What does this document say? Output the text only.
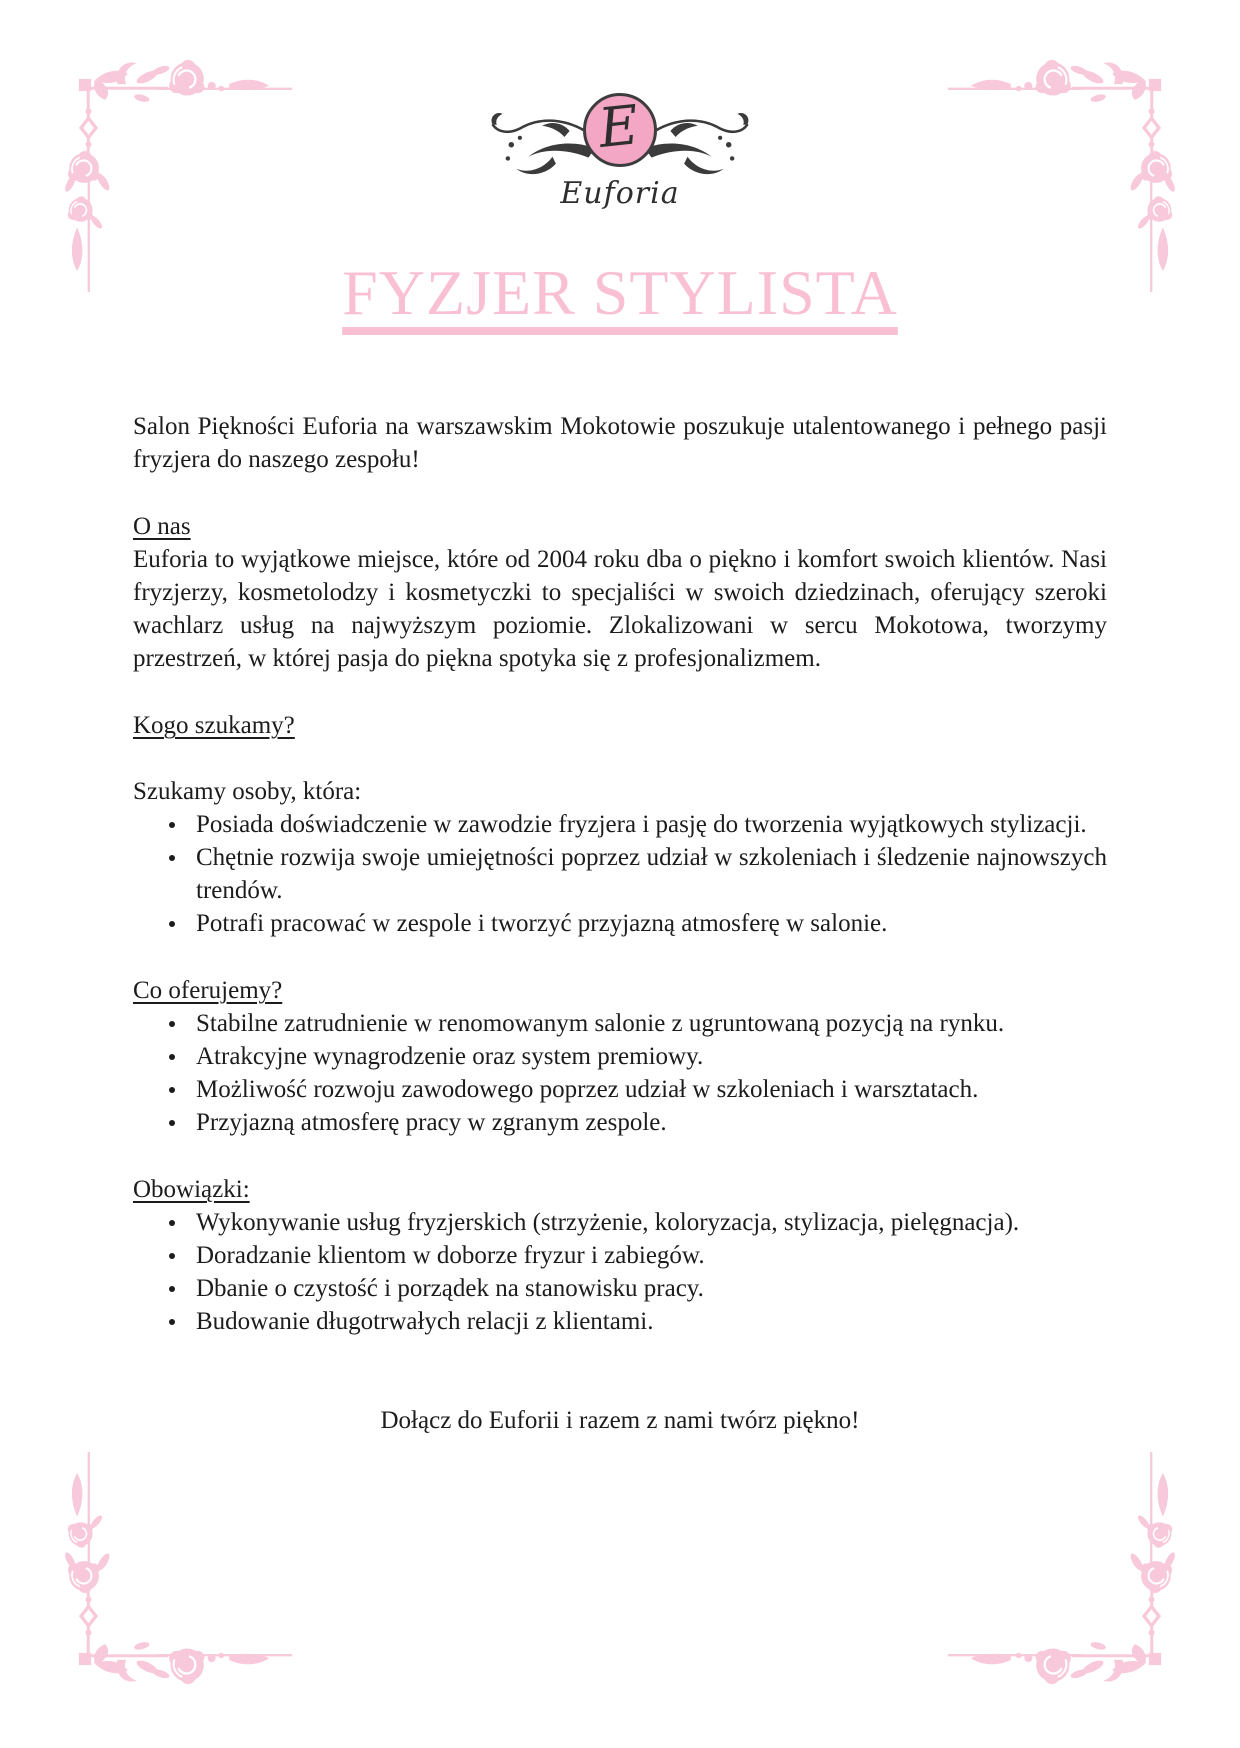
E
Euforia
FYZJER STYLISTA

Salon Piękności Euforia na warszawskim Mokotowie poszukuje utalentowanego i pełnego pasji fryzjera do naszego zespołu!

O nas

Euforia to wyjątkowe miejsce, które od 2004 roku dba o piękno i komfort swoich klientów. Nasi fryzjerzy, kosmetolodzy i kosmetyczki to specjaliści w swoich dziedzinach, oferujący szeroki wachlarz usług na najwyższym poziomie. Zlokalizowani w sercu Mokotowa, tworzymy przestrzeń, w której pasja do piękna spotyka się z profesjonalizmem.

Kogo szukamy?

Szukamy osoby, która:

Posiada doświadczenie w zawodzie fryzjera i pasję do tworzenia wyjątkowych stylizacji.
Chętnie rozwija swoje umiejętności poprzez udział w szkoleniach i śledzenie najnowszych trendów.
Potrafi pracować w zespole i tworzyć przyjazną atmosferę w salonie.
Co oferujemy?
Stabilne zatrudnienie w renomowanym salonie z ugruntowaną pozycją na rynku.
Atrakcyjne wynagrodzenie oraz system premiowy.
Możliwość rozwoju zawodowego poprzez udział w szkoleniach i warsztatach.
Przyjazną atmosferę pracy w zgranym zespole.
Obowiązki:
Wykonywanie usług fryzjerskich (strzyżenie, koloryzacja, stylizacja, pielęgnacja).
Doradzanie klientom w doborze fryzur i zabiegów.
Dbanie o czystość i porządek na stanowisku pracy.
Budowanie długotrwałych relacji z klientami.

Dołącz do Euforii i razem z nami twórz piękno!
